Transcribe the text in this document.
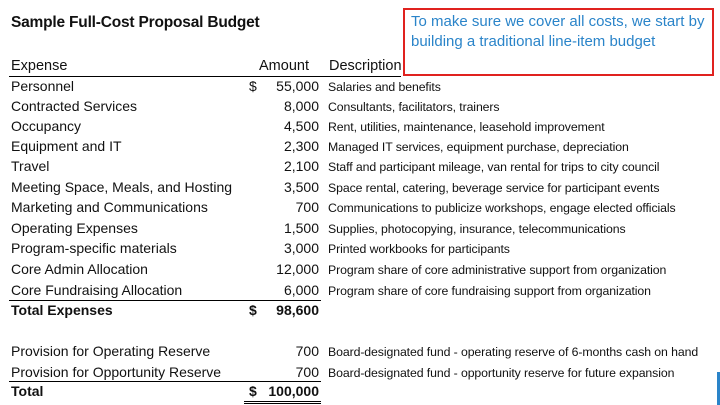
Sample Full-Cost Proposal Budget	To make sure we cover all costs, we start by building a traditional line-item budget
Expense	Amount Description
Personnel	$ 55,000 Salaries and benefits
Contracted Services	8,000 Consultants, facilitators, trainers
Occupancy	4,500 Rent, utilities, maintenance, leasehold improvement
Equipment and IT	2,300 Managed IT services, equipment purchase, depreciation
Travel	2,100 Staff and participant mileage, van rental for trips to city council
Meeting Space, Meals, and Hosting	3,500 Space rental, catering, beverage service for participant events
Marketing and Communications	700 Communications to publicize workshops, engage elected officials
Operating Expenses	1,500 Supplies, photocopying, insurance, telecommunications
Program-specific materials	3,000 Printed workbooks for participants
Core Admin Allocation	12,000 Program share of core administrative support from organization
Core Fundraising Allocation	6,000 Program share of core fundraising support from organization
Total Expenses	$ 98,600
Provision for Operating Reserve	700 Board-designated fund - operating reserve of 6-months cash on hand
Provision for Opportunity Reserve	700 Board-designated fund - opportunity reserve for future expansion
Total	$ 100,000
